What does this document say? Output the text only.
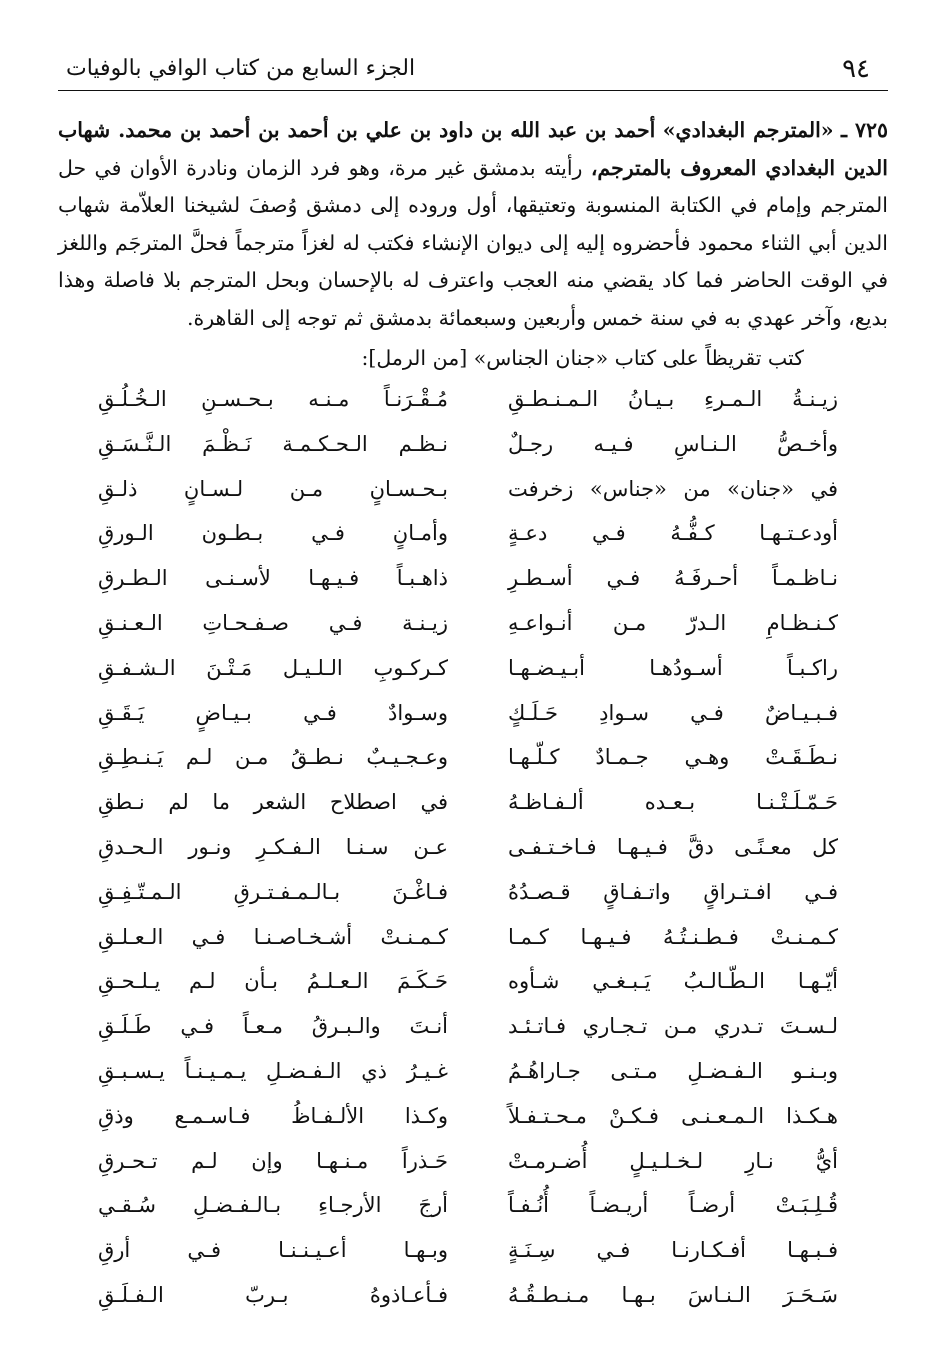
٩٤
الجزء السابع من كتاب الوافي بالوفيات
٧٢٥ ـ «المترجم البغدادي» أحمد بن عبد الله بن داود بن علي بن أحمد بن أحمد بن محمد. شهاب الدين البغدادي المعروف بالمترجم، رأيته بدمشق غير مرة، وهو فرد الزمان ونادرة الأوان في حل المترجم وإمام في الكتابة المنسوبة وتعتيقها، أول وروده إلى دمشق وُصفَ لشيخنا العلاّمة شهاب الدين أبي الثناء محمود فأحضروه إليه إلى ديوان الإنشاء فكتب له لغزاً مترجماً فحلَّ المترجَم واللغز في الوقت الحاضر فما كاد يقضي منه العجب واعترف له بالإحسان وبحل المترجم بلا فاصلة وهذا بديع، وآخر عهدي به في سنة خمس وأربعين وسبعمائة بدمشق ثم توجه إلى القاهرة.
كتب تقريظاً على كتاب «جنان الجناس» [من الرمل]:
زيـنـةُ الـمـرءِ بـيـانُ الـمـنـطـقِ
مُـقْـرَنـاً مـنـه بـحـسـنِ الـخُـلُـقِ
وأخـصُّ الـنـاسِ فـيـه رجـلٌ
نـظـم الـحـكـمـة نَـظْـمَ الـنَّـسَـقِ
في «جنان» من «جناس» زخرفت
بـحـسـانٍ مـن لـسـانٍ ذلـقِ
أودعـتـهـا كـفُّـهُ فـي دعـةٍ
وأمـانٍ فـي بـطـون الـورقِ
نـاظـمـاً أحـرفَـهُ فـي أسـطـرِ
ذاهـبـاً فـيـهـا لأسـنـى الـطـرقِ
كـنـظـامِ الـدرّ مـن أنـواعـهِ
زيـنـة فـي صـفـحـاتِ الـعـنـقِ
راكـبـاً أسـودُهـا أبـيـضـهـا
كـركـوبِ الـلـيـل مَـتْـنَ الـشـفـقِ
فـبـيـاضٌ فـي سـوادِ حَـلَـكٍ
وسـوادٌ فـي بـيـاضٍ يَـقَـقِ
نـطَـقَـتْ وهـي جـمـادٌ كـلّـهـا
وعـجـيـبٌ نـطـقُ مـن لـم يَـنـطِـقِ
حَـمّـلَـتْـنـا بـعـده ألـفـاظـهُ
في اصطلاح الشعر ما لم نـطقِ
كل معـنًـى دقَّ فـيـهـا فـاخـتـفـى
عـن سـنـا الـفـكـرِ ونـور الـحـدقِ
فـي افـتـراقٍ واتـفـاقٍ قـصـدُهُ
فـاغْـنَ بـالـمـفـتـرقِ الـمـتّـفِـقِ
كـمـنـتْ فـطـنـتُـهُ فـيـهـا كـمـا
كـمـنـتْ أشـخـاصـنـا فـي الـعـلـقِ
أيّـهـا الـطّـالـبُ يَـبـغـي شـأوه
حَـكَـمَ الـعـلـمُ بـأن لـم يـلـحـقِ
لـسـتَ تـدري مـن تـجـاري فـاتـئـد
أنـتَ والـبـرقُ مـعـاً فـي طَـلَـقِ
وبـنـو الـفـضـلِ مـتـى جـاراهُـمُ
غـيـرُ ذي الـفـضـلِ يـمـيـنـاً يـسـبـقِ
هـكـذا الـمـعـنـى فـكـنْ مـحـتـفـلاً
وكـذا الألـفـاظُ فـاسـمـع وذقِ
أيُّ نـارِ لـخـلـيـلٍ أُضـرمـتْ
حَـذراً مـنـهـا وإن لـم تـحـرقِ
قُـلِـبَـتْ أرضـاً أريـضـاً أُنُـفـاً
أرجَ الأرجـاءِ بـالـفـضـلِ سُـقـي
فـبـهـا أفـكـارنـا فـي سِـنَـةٍ
وبـهـا أعـيـنـنـا فـي أرقِ
سَـحَـرَ الـنـاسَ بـهـا مـنـطـقُـهُ
فـأعـاذوهُ بـربّ الـفـلَـقِ
